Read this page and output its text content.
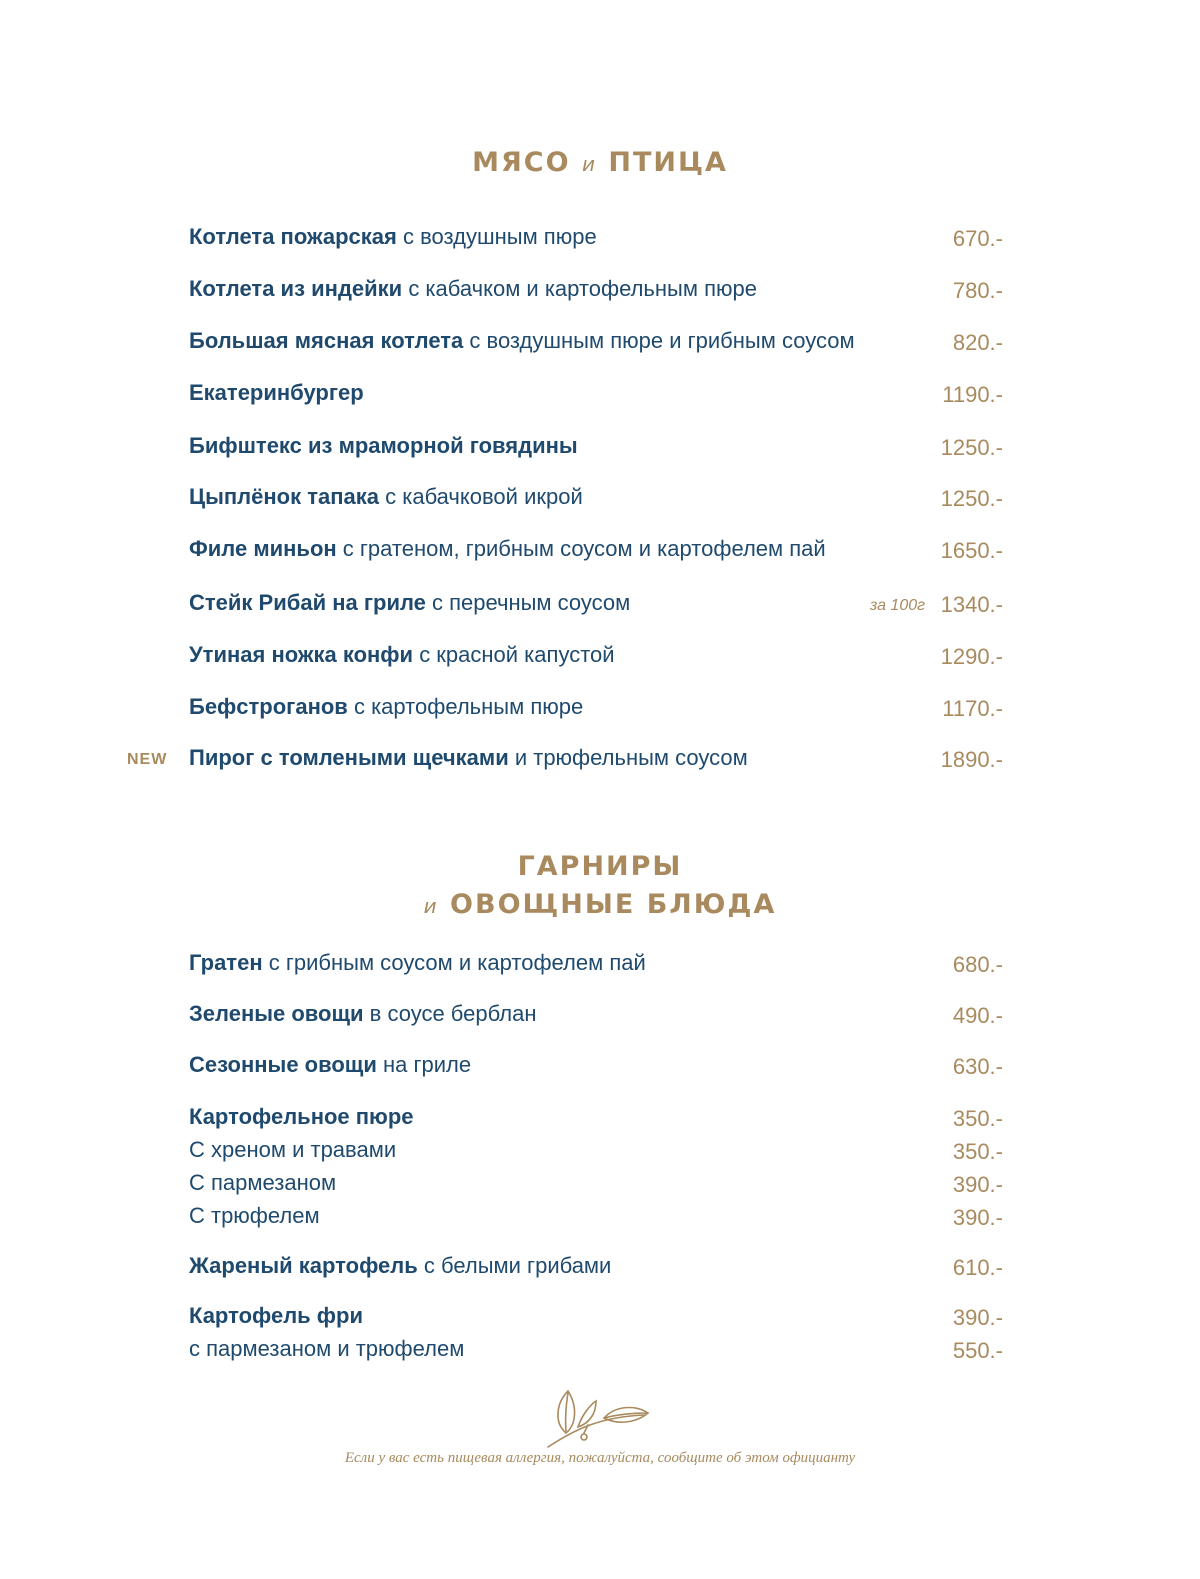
МЯСО и ПТИЦА
Котлета пожарская с воздушным пюре	670.-
Котлета из индейки с кабачком и картофельным пюре	780.-
Большая мясная котлета с воздушным пюре и грибным соусом	820.-
Екатеринбургер	1190.-
Бифштекс из мраморной говядины	1250.-
Цыплёнок тапака с кабачковой икрой	1250.-
Филе миньон с гратеном, грибным соусом и картофелем пай	1650.-
Стейк Рибай на гриле с перечным соусом	за 100г 1340.-
Утиная ножка конфи с красной капустой	1290.-
Бефстроганов с картофельным пюре	1170.-
NEW Пирог с томлеными щечками и трюфельным соусом	1890.-
ГАРНИРЫ
и ОВОЩНЫЕ БЛЮДА
Гратен с грибным соусом и картофелем пай	680.-
Зеленые овощи в соусе берблан	490.-
Сезонные овощи на гриле	630.-
Картофельное пюре	350.-
С хреном и травами	350.-
С пармезаном	390.-
С трюфелем	390.-
Жареный картофель с белыми грибами	610.-
Картофель фри	390.-
с пармезаном и трюфелем	550.-
Если у вас есть пищевая аллергия, пожалуйста, сообщите об этом официанту
